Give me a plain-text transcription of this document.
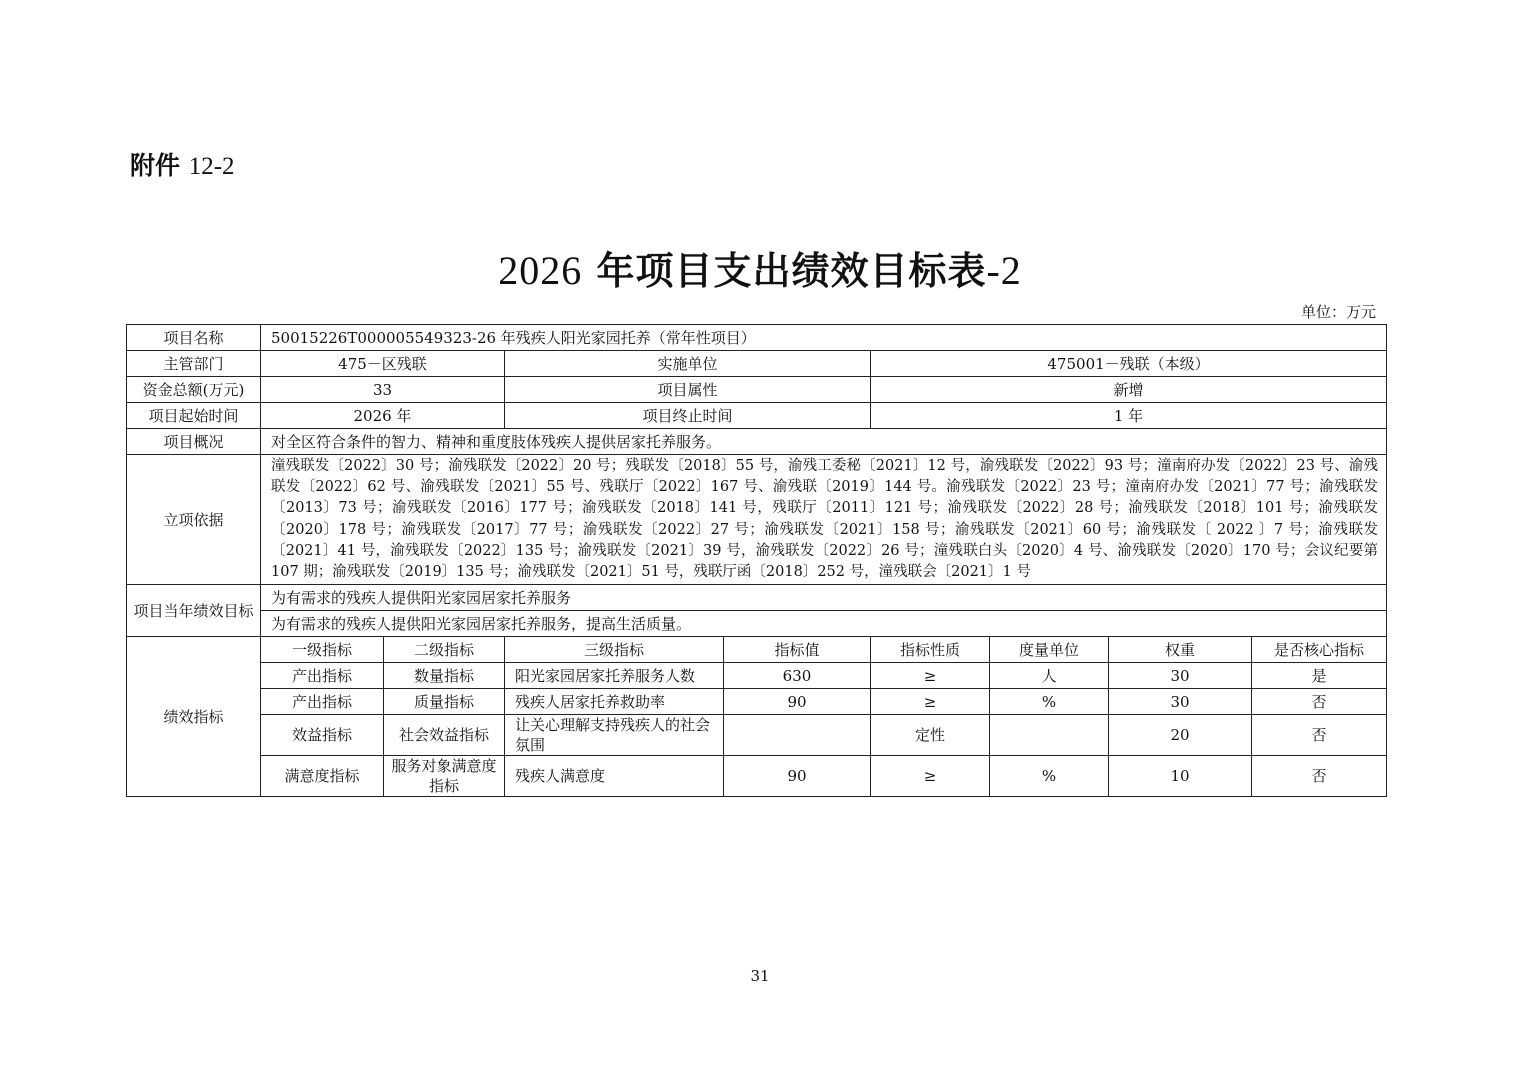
附件 12-2
2026 年项目支出绩效目标表-2
单位：万元
项目名称	50015226T000005549323-26 年残疾人阳光家园托养（常年性项目）							
主管部门	475－区残联		实施单位		475001－残联（本级）			
资金总额(万元)	33		项目属性		新增			
项目起始时间	2026 年		项目终止时间		1 年			
项目概况	对全区符合条件的智力、精神和重度肢体残疾人提供居家托养服务。							
立项依据	潼残联发〔2022〕30 号；渝残联发〔2022〕20 号；残联发〔2018〕55 号，渝残工委秘〔2021〕12 号，渝残联发〔2022〕93 号；潼南府办发〔2022〕23 号、渝残联发〔2022〕62 号、渝残联发〔2021〕55 号、残联厅〔2022〕167 号、渝残联〔2019〕144 号。渝残联发〔2022〕23 号；潼南府办发〔2021〕77 号；渝残联发〔2013〕73 号；渝残联发〔2016〕177 号；渝残联发〔2018〕141 号，残联厅〔2011〕121 号；渝残联发〔2022〕28 号；渝残联发〔2018〕101 号；渝残联发〔2020〕178 号；渝残联发〔2017〕77 号；渝残联发〔2022〕27 号；渝残联发〔2021〕158 号；渝残联发〔2021〕60 号；渝残联发〔 2022 〕7 号；渝残联发〔2021〕41 号，渝残联发〔2022〕135 号；渝残联发〔2021〕39 号，渝残联发〔2022〕26 号；潼残联白头〔2020〕4 号、渝残联发〔2020〕170 号；会议纪要第 107 期；渝残联发〔2019〕135 号；渝残联发〔2021〕51 号，残联厅函〔2018〕252 号，潼残联会〔2021〕1 号							
项目当年绩效目标	为有需求的残疾人提供阳光家园居家托养服务							
	为有需求的残疾人提供阳光家园居家托养服务，提高生活质量。							
绩效指标	一级指标	二级指标	三级指标	指标值	指标性质	度量单位	权重	是否核心指标
	产出指标	数量指标	阳光家园居家托养服务人数	630	≥	人	30	是
	产出指标	质量指标	残疾人居家托养救助率	90	≥	%	30	否
	效益指标	社会效益指标	让关心理解支持残疾人的社会氛围		定性		20	否
	满意度指标	服务对象满意度指标	残疾人满意度	90	≥	%	10	否
31
